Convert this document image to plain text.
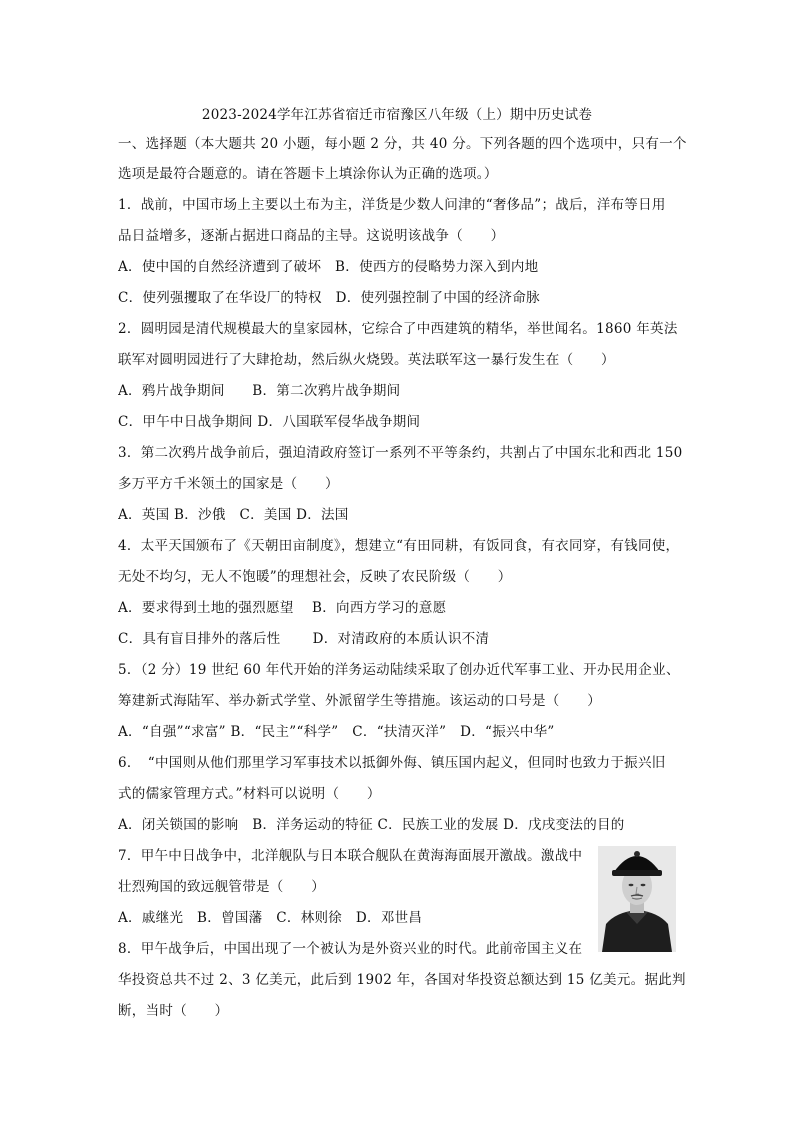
2023-2024学年江苏省宿迁市宿豫区八年级（上）期中历史试卷
一、选择题（本大题共 20 小题，每小题 2 分，共 40 分。下列各题的四个选项中，只有一个
选项是最符合题意的。请在答题卡上填涂你认为正确的选项。）
1．战前，中国市场上主要以土布为主，洋货是少数人问津的“奢侈品”；战后，洋布等日用
品日益增多，逐渐占据进口商品的主导。这说明该战争（　　）
A．使中国的自然经济遭到了破坏　B．使西方的侵略势力深入到内地
C．使列强攫取了在华设厂的特权　D．使列强控制了中国的经济命脉
2．圆明园是清代规模最大的皇家园林，它综合了中西建筑的精华，举世闻名。1860 年英法
联军对圆明园进行了大肆抢劫，然后纵火烧毁。英法联军这一暴行发生在（　　）
A．鸦片战争期间　　B．第二次鸦片战争期间
C．甲午中日战争期间 D．八国联军侵华战争期间
3．第二次鸦片战争前后，强迫清政府签订一系列不平等条约，共割占了中国东北和西北 150
多万平方千米领土的国家是（　　）
A．英国 B．沙俄　C．美国 D．法国
4．太平天国颁布了《天朝田亩制度》，想建立“有田同耕，有饭同食，有衣同穿，有钱同使，
无处不均匀，无人不饱暖”的理想社会，反映了农民阶级（　　）
A．要求得到土地的强烈愿望　 B．向西方学习的意愿
C．具有盲目排外的落后性　　 D．对清政府的本质认识不清
5．（2 分）19 世纪 60 年代开始的洋务运动陆续采取了创办近代军事工业、开办民用企业、
筹建新式海陆军、举办新式学堂、外派留学生等措施。该运动的口号是（　　）
A．“自强”“求富” B．“民主”“科学”　C．“扶清灭洋”　D．“振兴中华”
6．　“中国则从他们那里学习军事技术以抵御外侮、镇压国内起义，但同时也致力于振兴旧
式的儒家管理方式。”材料可以说明（　　）
A．闭关锁国的影响　B．洋务运动的特征 C．民族工业的发展 D．戊戌变法的目的
7．甲午中日战争中，北洋舰队与日本联合舰队在黄海海面展开激战。激战中
壮烈殉国的致远舰管带是（　　）
A．戚继光　B．曾国藩　C．林则徐　D．邓世昌
8．甲午战争后，中国出现了一个被认为是外资兴业的时代。此前帝国主义在
华投资总共不过 2、3 亿美元，此后到 1902 年，各国对华投资总额达到 15 亿美元。据此判
断，当时（　　）
